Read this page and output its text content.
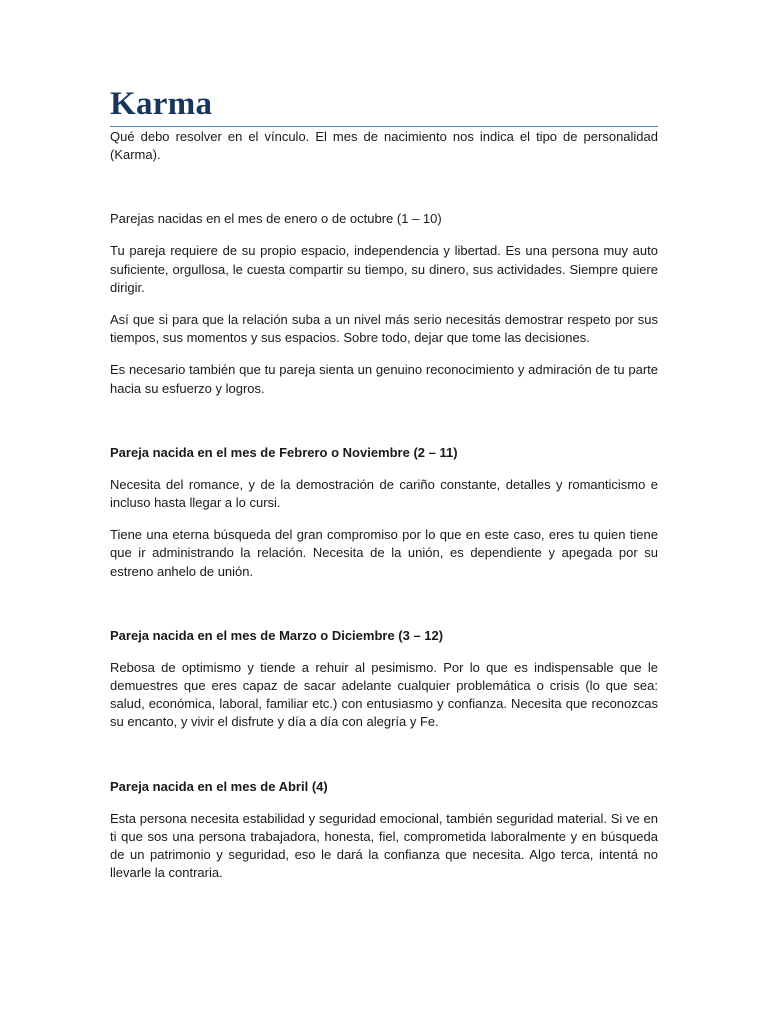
Karma

Qué debo resolver en el vínculo. El mes de nacimiento nos indica el tipo de personalidad (Karma).

Parejas nacidas en el mes de enero o de octubre (1 – 10)

Tu pareja requiere de su propio espacio, independencia y libertad. Es una persona muy auto suficiente, orgullosa, le cuesta compartir su tiempo, su dinero, sus actividades. Siempre quiere dirigir.

Así que si para que la relación suba a un nivel más serio necesitás demostrar respeto por sus tiempos, sus momentos y sus espacios. Sobre todo, dejar que tome las decisiones.

Es necesario también que tu pareja sienta un genuino reconocimiento y admiración de tu parte hacia su esfuerzo y logros.

Pareja nacida en el mes de Febrero o Noviembre (2 – 11)

Necesita del romance, y de la demostración de cariño constante, detalles y romanticismo e incluso hasta llegar a lo cursi.

Tiene una eterna búsqueda del gran compromiso por lo que en este caso, eres tu quien tiene que ir administrando la relación. Necesita de la unión, es dependiente y apegada por su estreno anhelo de unión.

Pareja nacida en el mes de Marzo o Diciembre (3 – 12)

Rebosa de optimismo y tiende a rehuir al pesimismo. Por lo que es indispensable que le demuestres que eres capaz de sacar adelante cualquier problemática o crisis (lo que sea: salud, económica, laboral, familiar etc.) con entusiasmo y confianza. Necesita que reconozcas su encanto, y vivir el disfrute y día a día con alegría y Fe.

Pareja nacida en el mes de Abril (4)

Esta persona necesita estabilidad y seguridad emocional, también seguridad material. Si ve en ti que sos una persona trabajadora, honesta, fiel, comprometida laboralmente y en búsqueda de un patrimonio y seguridad, eso le dará la confianza que necesita. Algo terca, intentá no llevarle la contraria.
